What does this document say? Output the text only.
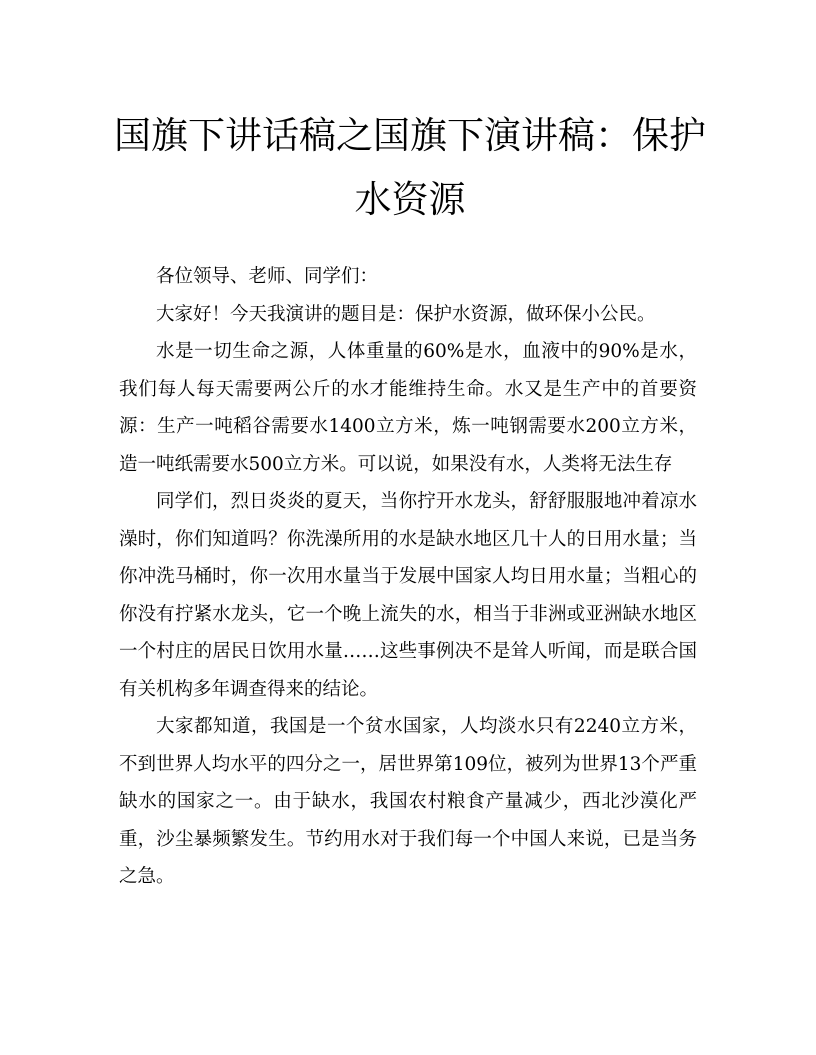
国旗下讲话稿之国旗下演讲稿：保护水资源

各位领导、老师、同学们：

大家好！今天我演讲的题目是：保护水资源，做环保小公民。

水是一切生命之源，人体重量的60%是水，血液中的90%是水，我们每人每天需要两公斤的水才能维持生命。水又是生产中的首要资源：生产一吨稻谷需要水1400立方米，炼一吨钢需要水200立方米，造一吨纸需要水500立方米。可以说，如果没有水，人类将无法生存

同学们，烈日炎炎的夏天，当你拧开水龙头，舒舒服服地冲着凉水澡时，你们知道吗？你洗澡所用的水是缺水地区几十人的日用水量；当你冲洗马桶时，你一次用水量当于发展中国家人均日用水量；当粗心的你没有拧紧水龙头，它一个晚上流失的水，相当于非洲或亚洲缺水地区一个村庄的居民日饮用水量……这些事例决不是耸人听闻，而是联合国有关机构多年调查得来的结论。

大家都知道，我国是一个贫水国家，人均淡水只有2240立方米，不到世界人均水平的四分之一，居世界第109位，被列为世界13个严重缺水的国家之一。由于缺水，我国农村粮食产量减少，西北沙漠化严重，沙尘暴频繁发生。节约用水对于我们每一个中国人来说，已是当务之急。
